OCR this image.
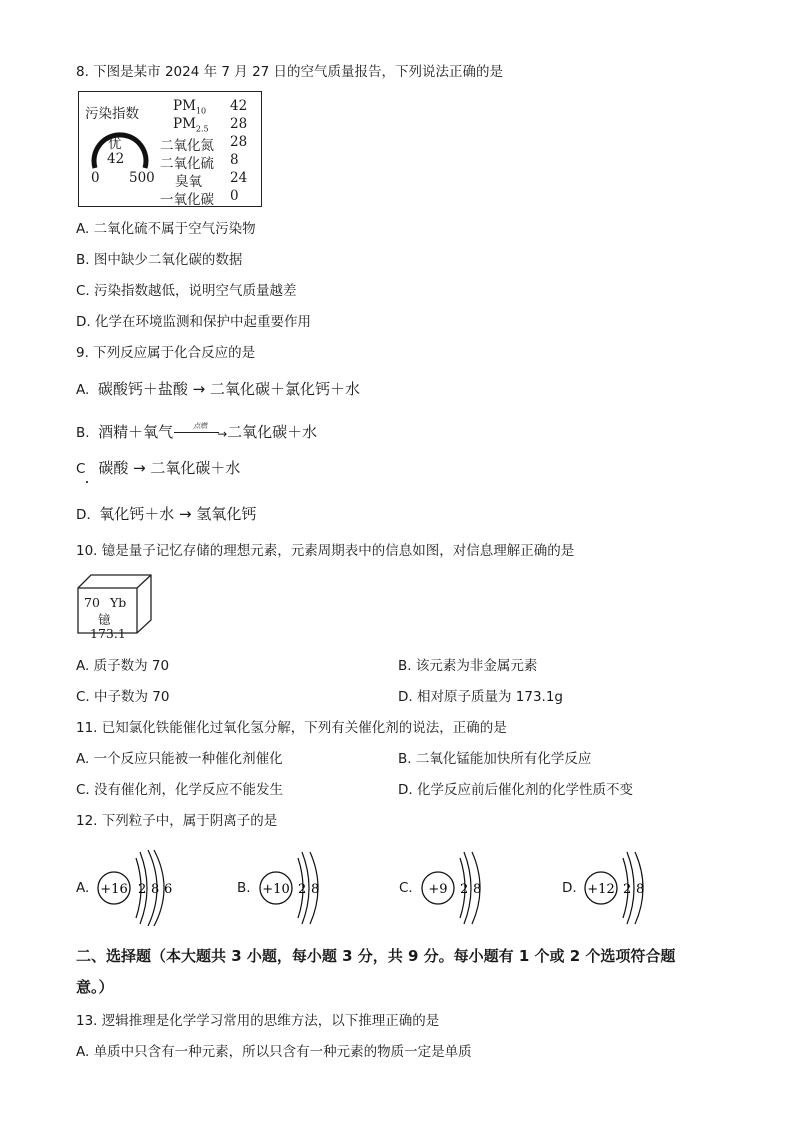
8. 下图是某市 2024 年 7 月 27 日的空气质量报告，下列说法正确的是
污染指数
优
42
0 500
$PM_{10}$ 42
$PM_{2.5}$ 28
二氧化氮 28
二氧化硫 8
臭氧 24
一氧化碳 0
A. 二氧化硫不属于空气污染物
B. 图中缺少二氧化碳的数据
C. 污染指数越低，说明空气质量越差
D. 化学在环境监测和保护中起重要作用
9. 下列反应属于化合反应的是
A. 碳酸钙＋盐酸 → 二氧化碳＋氯化钙＋水
B. 酒精＋氧气	点燃
→ 二氧化碳＋水
C 碳酸 → 二氧化碳＋水
D. 氧化钙＋水 → 氢氧化钙
10. 镱是量子记忆存储的理想元素，元素周期表中的信息如图，对信息理解正确的是
70 Yb
镱
173.1
A. 质子数为 70	B. 该元素为非金属元素
C. 中子数为 70	D. 相对原子质量为 173.1g
11. 已知氯化铁能催化过氧化氢分解，下列有关催化剂的说法，正确的是
A. 一个反应只能被一种催化剂催化	B. 二氧化锰能加快所有化学反应
C. 没有催化剂，化学反应不能发生	D. 化学反应前后催化剂的化学性质不变
12. 下列粒子中，属于阴离子的是
A. +16 2 8 6	B. +10 2 8	C. +9 2 8	D. +12 2 8
二、选择题（本大题共 3 小题，每小题 3 分，共 9 分。每小题有 1 个或 2 个选项符合题
意。）
13. 逻辑推理是化学学习常用的思维方法，以下推理正确的是
A. 单质中只含有一种元素，所以只含有一种元素的物质一定是单质
